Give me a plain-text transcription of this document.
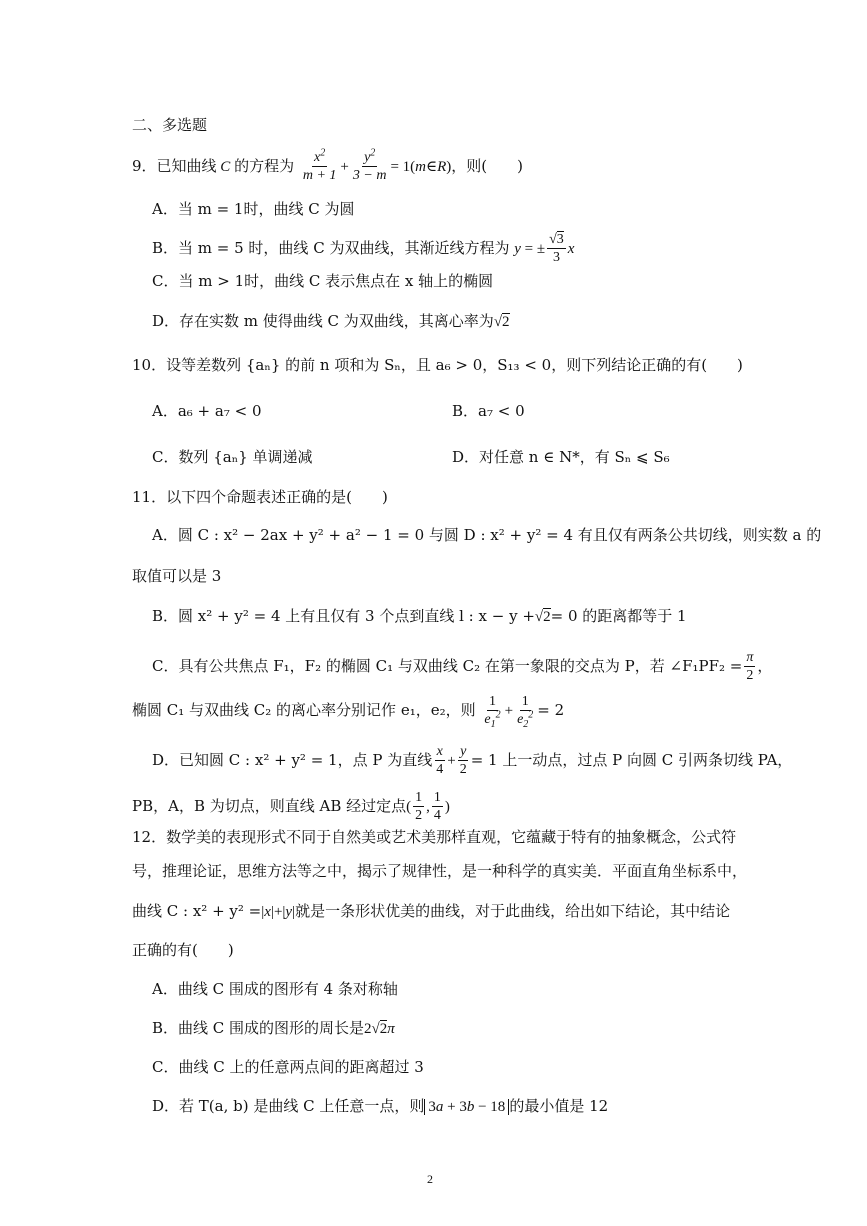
二、多选题
9．已知曲线 C 的方程为 $\frac{x^2}{m + 1} + \frac{y^2}{3 - m}$ = 1(m∈R)，则(　　)
A．当 m = 1时，曲线 C 为圆
B．当 m = 5 时，曲线 C 为双曲线，其渐近线方程为 y = ± $\frac{√3}{3}$ x
C．当 m > 1时，曲线 C 表示焦点在 x 轴上的椭圆
D．存在实数 m 使得曲线 C 为双曲线，其离心率为√2
10．设等差数列 {aₙ} 的前 n 项和为 Sₙ，且 a₆ > 0，S₁₃ < 0，则下列结论正确的有(　　)
A．a₆ + a₇ < 0	B．a₇ < 0
C．数列 {aₙ} 单调递减	D．对任意 n ∈ N*，有 Sₙ ⩽ S₆
11．以下四个命题表述正确的是(　　)
A．圆 C : x² − 2ax + y² + a² − 1 = 0 与圆 D : x² + y² = 4 有且仅有两条公共切线，则实数 a 的
取值可以是 3
B．圆 x² + y² = 4 上有且仅有 3 个点到直线 l : x − y +√2= 0 的距离都等于 1
C．具有公共焦点 F₁，F₂ 的椭圆 C₁ 与双曲线 C₂ 在第一象限的交点为 P，若 ∠F₁PF₂ = $\frac{\pi}{2}$ ，
椭圆 C₁ 与双曲线 C₂ 的离心率分别记作 e₁，e₂，则 $\frac{1}{e_1^2} + \frac{1}{e_2^2} = 2$
D．已知圆 C : x² + y² = 1，点 P 为直线 $\frac{x}{4} + \frac{y}{2} = 1$ 上一动点，过点 P 向圆 C 引两条切线 PA，
PB，A，B 为切点，则直线 AB 经过定点( $\frac{1}{2}$ , $\frac{1}{4}$ )
12．数学美的表现形式不同于自然美或艺术美那样直观，它蕴藏于特有的抽象概念，公式符
号，推理论证，思维方法等之中，揭示了规律性，是一种科学的真实美．平面直角坐标系中，
曲线 C : x² + y² =|x|+|y|就是一条形状优美的曲线，对于此曲线，给出如下结论，其中结论
正确的有(　　)
A．曲线 C 围成的图形有 4 条对称轴
B．曲线 C 围成的图形的周长是2√2π
C．曲线 C 上的任意两点间的距离超过 3
D．若 T(a, b) 是曲线 C 上任意一点，则 3a + 3b − 18 的最小值是 12
2
